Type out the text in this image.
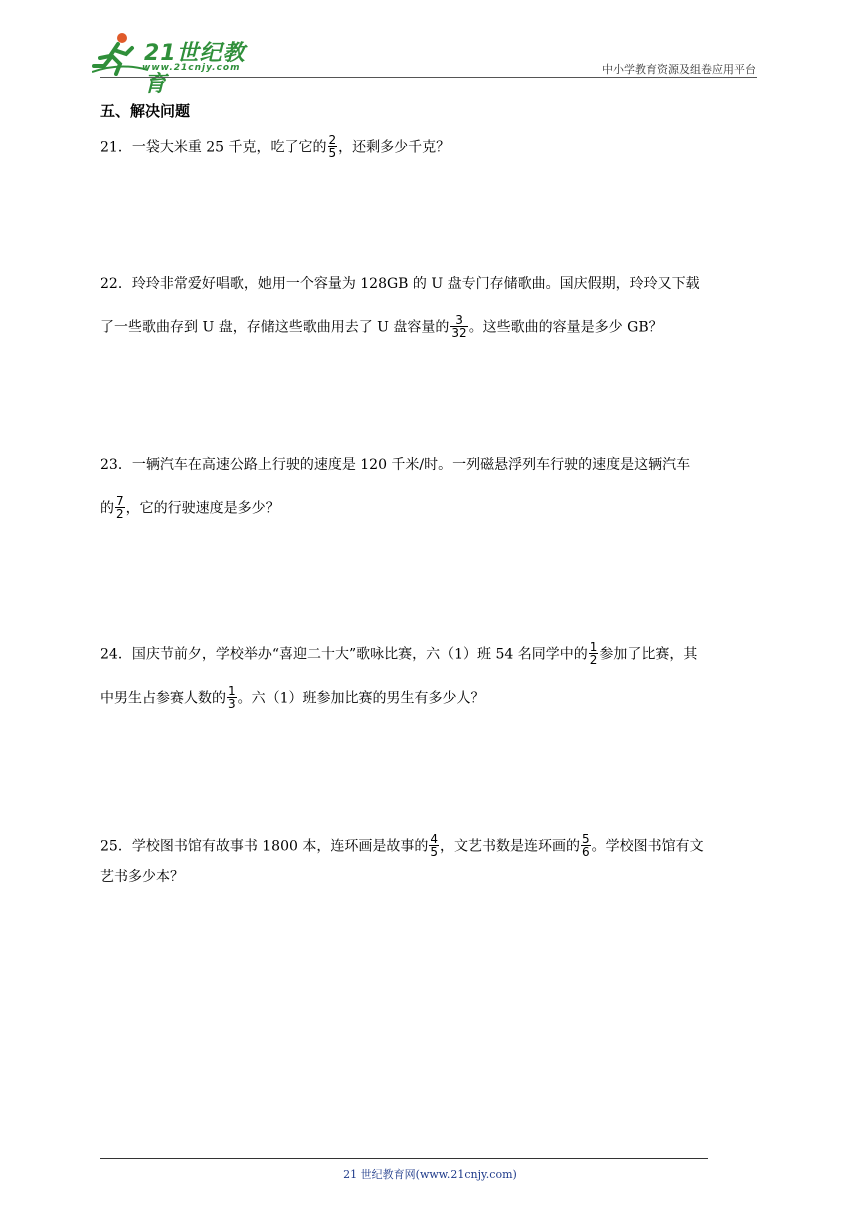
21世纪教育
www.21cnjy.com	中小学教育资源及组卷应用平台
五、解决问题
21．一袋大米重 25 千克，吃了它的 $\frac{2}{5}$ ，还剩多少千克？
22．玲玲非常爱好唱歌，她用一个容量为 128GB 的 U 盘专门存储歌曲。国庆假期，玲玲又下载
了一些歌曲存到 U 盘，存储这些歌曲用去了 U 盘容量的 $\frac{3}{32}$ 。这些歌曲的容量是多少 GB？
23．一辆汽车在高速公路上行驶的速度是 120 千米/时。一列磁悬浮列车行驶的速度是这辆汽车
的 $\frac{7}{2}$ ，它的行驶速度是多少？
24．国庆节前夕，学校举办“喜迎二十大”歌咏比赛，六（1）班 54 名同学中的 $\frac{1}{2}$ 参加了比赛，其
中男生占参赛人数的 $\frac{1}{3}$ 。六（1）班参加比赛的男生有多少人？
25．学校图书馆有故事书 1800 本，连环画是故事的 $\frac{4}{5}$ ，文艺书数是连环画的 $\frac{5}{6}$ 。学校图书馆有文
艺书多少本？
21 世纪教育网(www.21cnjy.com)
